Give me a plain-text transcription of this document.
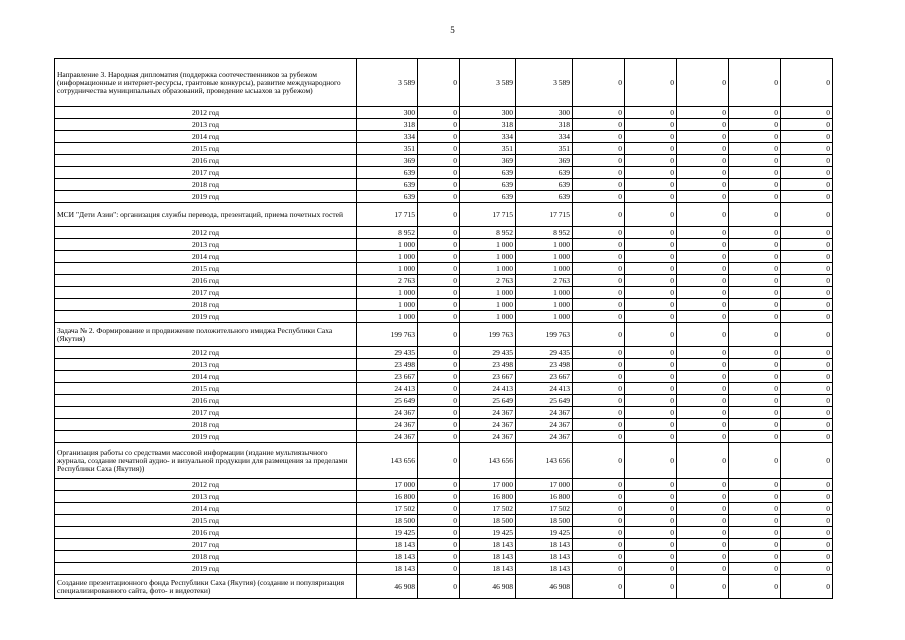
5
Направление 3. Народная дипломатия (поддержка соотечественников за рубежом (информационные и интернет-ресурсы, грантовые конкурсы), развитие международного сотрудничества муниципальных образований, проведение ысыахов за рубежом)	3 589	0	3 589	3 589	0	0	0	0	0
2012 год	300	0	300	300	0	0	0	0	0
2013 год	318	0	318	318	0	0	0	0	0
2014 год	334	0	334	334	0	0	0	0	0
2015 год	351	0	351	351	0	0	0	0	0
2016 год	369	0	369	369	0	0	0	0	0
2017 год	639	0	639	639	0	0	0	0	0
2018 год	639	0	639	639	0	0	0	0	0
2019 год	639	0	639	639	0	0	0	0	0
МСИ "Дети Азии": организация службы перевода, презентаций, приема почетных гостей	17 715	0	17 715	17 715	0	0	0	0	0
2012 год	8 952	0	8 952	8 952	0	0	0	0	0
2013 год	1 000	0	1 000	1 000	0	0	0	0	0
2014 год	1 000	0	1 000	1 000	0	0	0	0	0
2015 год	1 000	0	1 000	1 000	0	0	0	0	0
2016 год	2 763	0	2 763	2 763	0	0	0	0	0
2017 год	1 000	0	1 000	1 000	0	0	0	0	0
2018 год	1 000	0	1 000	1 000	0	0	0	0	0
2019 год	1 000	0	1 000	1 000	0	0	0	0	0
Задача № 2. Формирование и продвижение положительного имиджа Республики Саха (Якутия)	199 763	0	199 763	199 763	0	0	0	0	0
2012 год	29 435	0	29 435	29 435	0	0	0	0	0
2013 год	23 498	0	23 498	23 498	0	0	0	0	0
2014 год	23 667	0	23 667	23 667	0	0	0	0	0
2015 год	24 413	0	24 413	24 413	0	0	0	0	0
2016 год	25 649	0	25 649	25 649	0	0	0	0	0
2017 год	24 367	0	24 367	24 367	0	0	0	0	0
2018 год	24 367	0	24 367	24 367	0	0	0	0	0
2019 год	24 367	0	24 367	24 367	0	0	0	0	0
Организация работы со средствами массовой информации (издание мультиязычного журнала, создание печатной аудио- и визуальной продукции для размещения за пределами Республики Саха (Якутия))	143 656	0	143 656	143 656	0	0	0	0	0
2012 год	17 000	0	17 000	17 000	0	0	0	0	0
2013 год	16 800	0	16 800	16 800	0	0	0	0	0
2014 год	17 502	0	17 502	17 502	0	0	0	0	0
2015 год	18 500	0	18 500	18 500	0	0	0	0	0
2016 год	19 425	0	19 425	19 425	0	0	0	0	0
2017 год	18 143	0	18 143	18 143	0	0	0	0	0
2018 год	18 143	0	18 143	18 143	0	0	0	0	0
2019 год	18 143	0	18 143	18 143	0	0	0	0	0
Создание презентационного фонда Республики Саха (Якутия) (создание и популяризация специализированного сайта, фото- и видеотеки)	46 908	0	46 908	46 908	0	0	0	0	0
